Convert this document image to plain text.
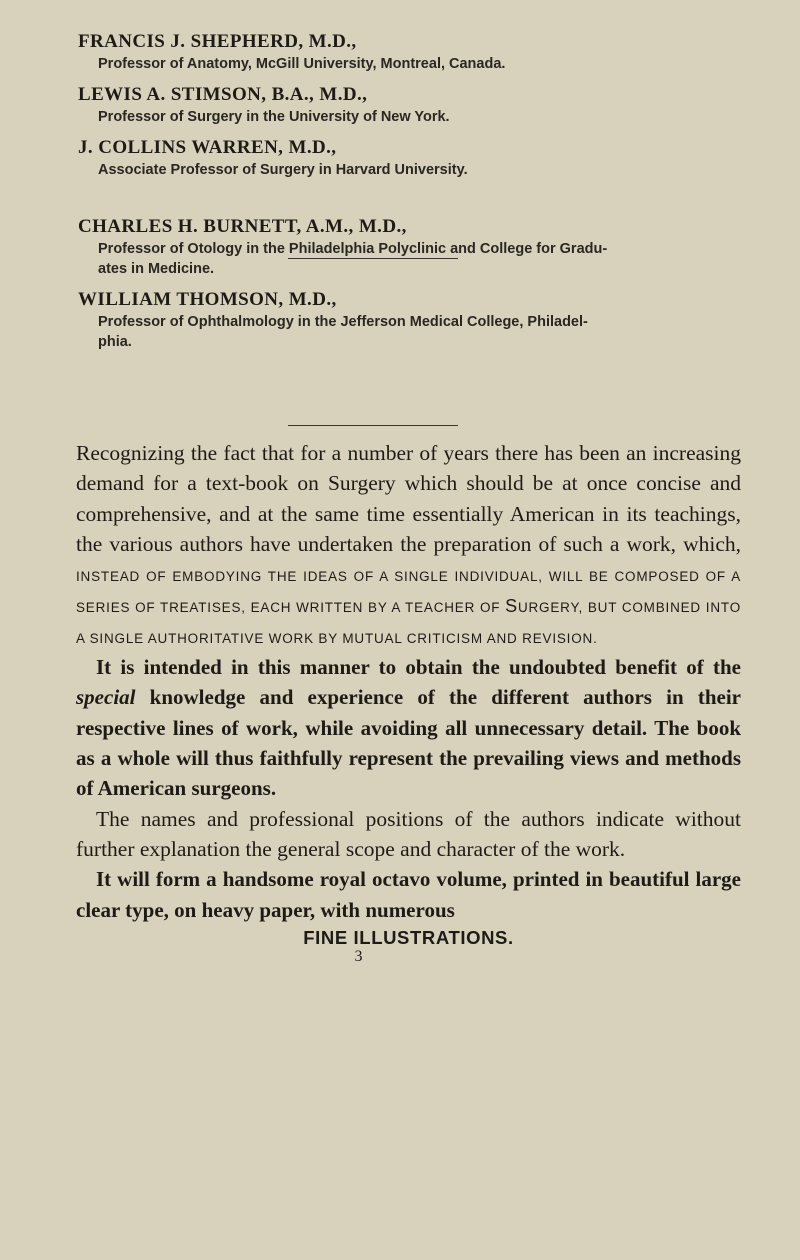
FRANCIS J. SHEPHERD, M.D.,
Professor of Anatomy, McGill University, Montreal, Canada.
LEWIS A. STIMSON, B.A., M.D.,
Professor of Surgery in the University of New York.
J. COLLINS WARREN, M.D.,
Associate Professor of Surgery in Harvard University.
CHARLES H. BURNETT, A.M., M.D.,
Professor of Otology in the Philadelphia Polyclinic and College for Gradu-
ates in Medicine.
WILLIAM THOMSON, M.D.,
Professor of Ophthalmology in the Jefferson Medical College, Philadel-
phia.

Recognizing the fact that for a number of years there has been an increasing demand for a text-book on Surgery which should be at once concise and comprehensive, and at the same time essentially American in its teachings, the various authors have undertaken the preparation of such a work, which, INSTEAD OF EMBODYING THE IDEAS OF A SINGLE INDIVIDUAL, WILL BE COMPOSED OF A SERIES OF TREATISES, EACH WRITTEN BY A TEACHER OF SURGERY, BUT COMBINED INTO A SINGLE AUTHORITATIVE WORK BY MUTUAL CRITICISM AND REVISION.

It is intended in this manner to obtain the undoubted benefit of the special knowledge and experience of the different authors in their respective lines of work, while avoiding all unnecessary detail. The book as a whole will thus faithfully represent the prevailing views and methods of American surgeons.

The names and professional positions of the authors indicate without further explanation the general scope and character of the work.

It will form a handsome royal octavo volume, printed in beautiful large clear type, on heavy paper, with numerous

FINE ILLUSTRATIONS.
3
